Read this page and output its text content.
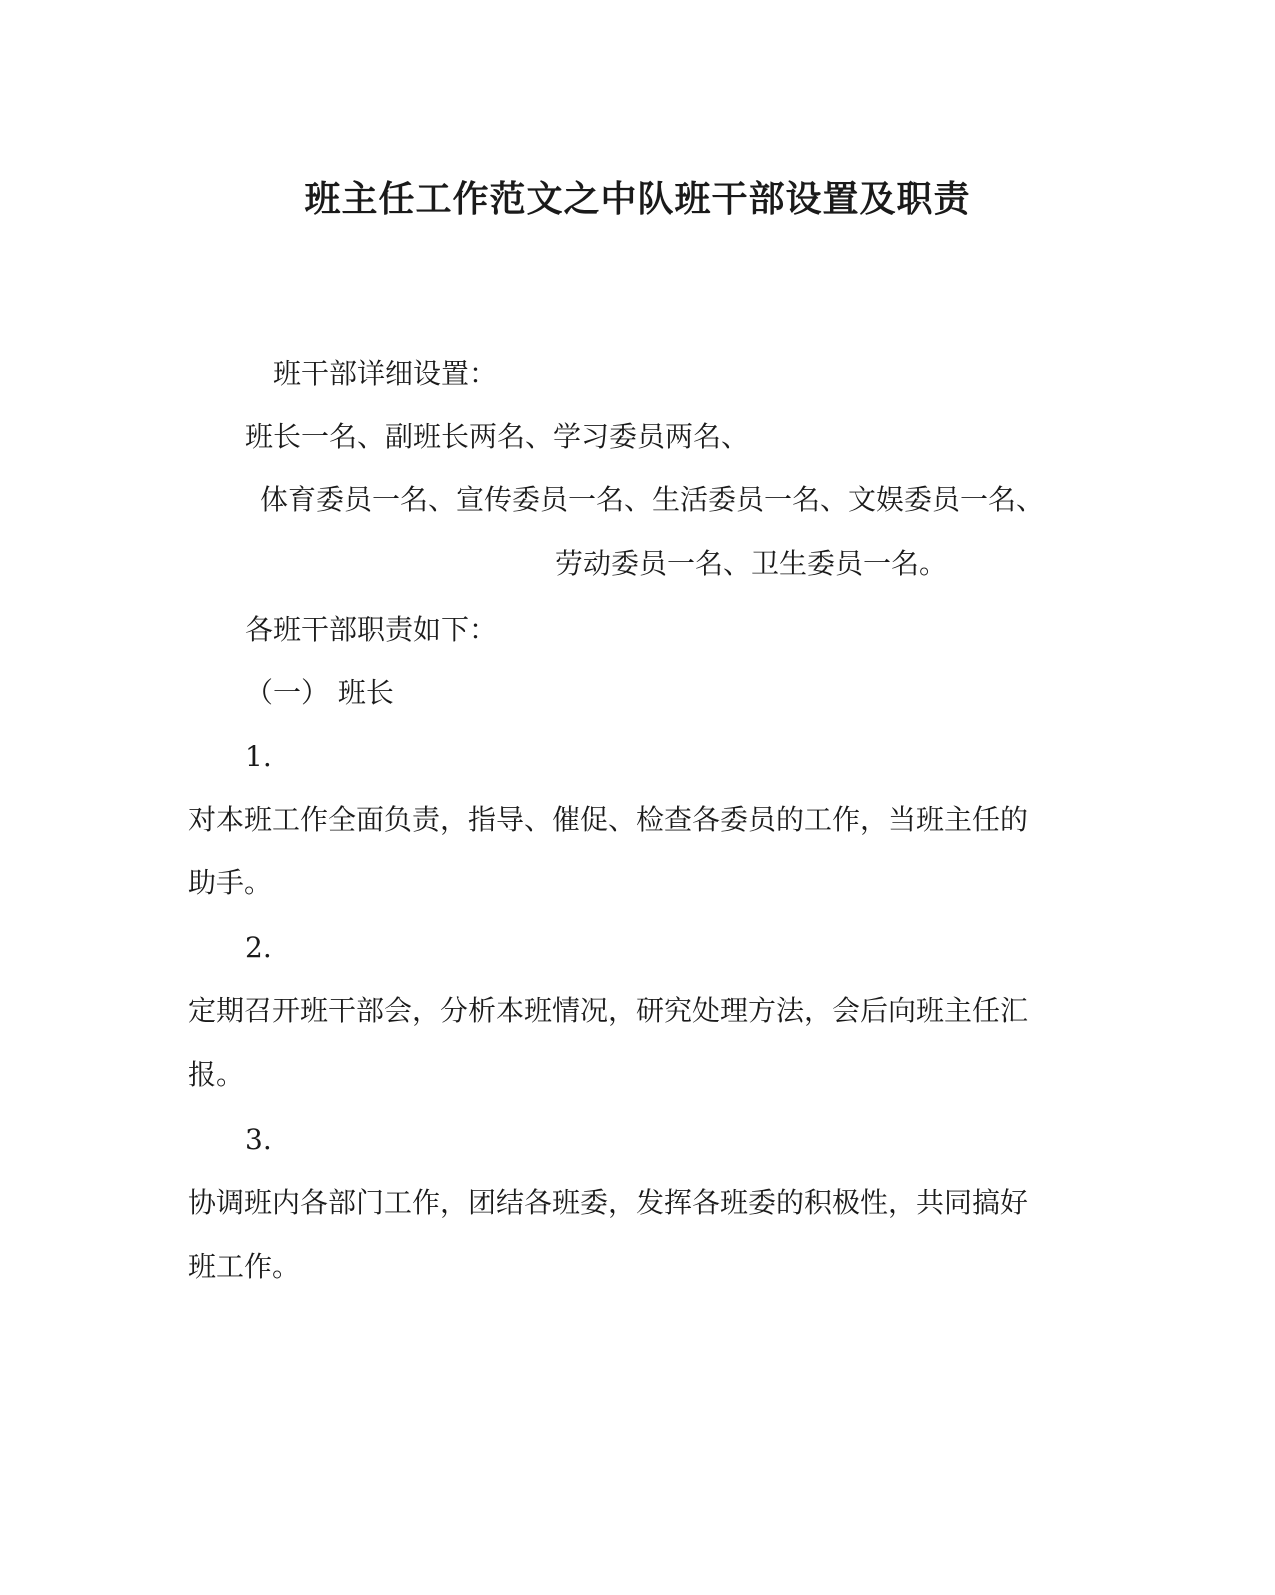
班主任工作范文之中队班干部设置及职责
班干部详细设置：
班长一名、副班长两名、学习委员两名、
体育委员一名、宣传委员一名、生活委员一名、文娱委员一名、
劳动委员一名、卫生委员一名。
各班干部职责如下：
（一） 班长
1.
对本班工作全面负责，指导、催促、检查各委员的工作，当班主任的
助手。
2.
定期召开班干部会，分析本班情况，研究处理方法，会后向班主任汇
报。
3.
协调班内各部门工作，团结各班委，发挥各班委的积极性，共同搞好
班工作。
